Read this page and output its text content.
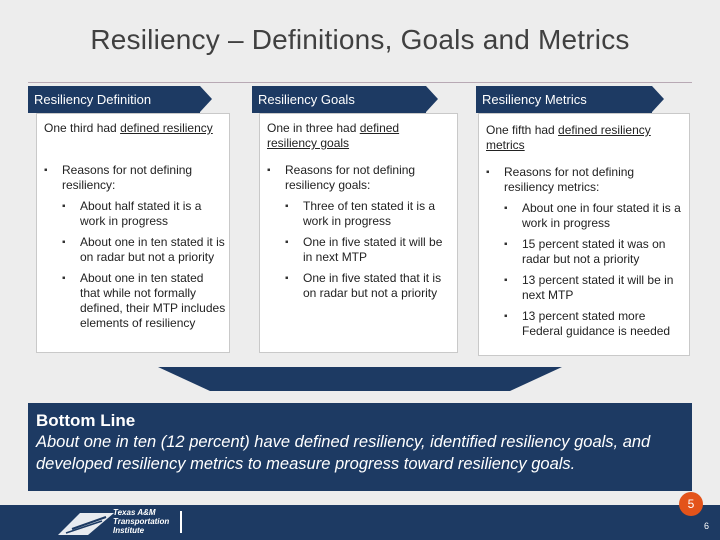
Resiliency – Definitions, Goals and Metrics
Resiliency Definition
One third had defined resiliency
▪ Reasons for not defining resiliency:
▪ About half stated it is a work in progress
▪ About one in ten stated it is on radar but not a priority
▪ About one in ten stated that while not formally defined, their MTP includes elements of resiliency
Resiliency Goals
One in three had defined resiliency goals
▪ Reasons for not defining resiliency goals:
▪ Three of ten stated it is a work in progress
▪ One in five stated it will be in next MTP
▪ One in five stated that it is on radar but not a priority
Resiliency Metrics
One fifth had defined resiliency metrics
▪ Reasons for not defining resiliency metrics:
▪ About one in four stated it is a work in progress
▪ 15 percent stated it was on radar but not a priority
▪ 13 percent stated it will be in next MTP
▪ 13 percent stated more Federal guidance is needed
Bottom Line
About one in ten (12 percent) have defined resiliency, identified resiliency goals, and developed resiliency metrics to measure progress toward resiliency goals.
Texas A&M Transportation Institute
5
6
